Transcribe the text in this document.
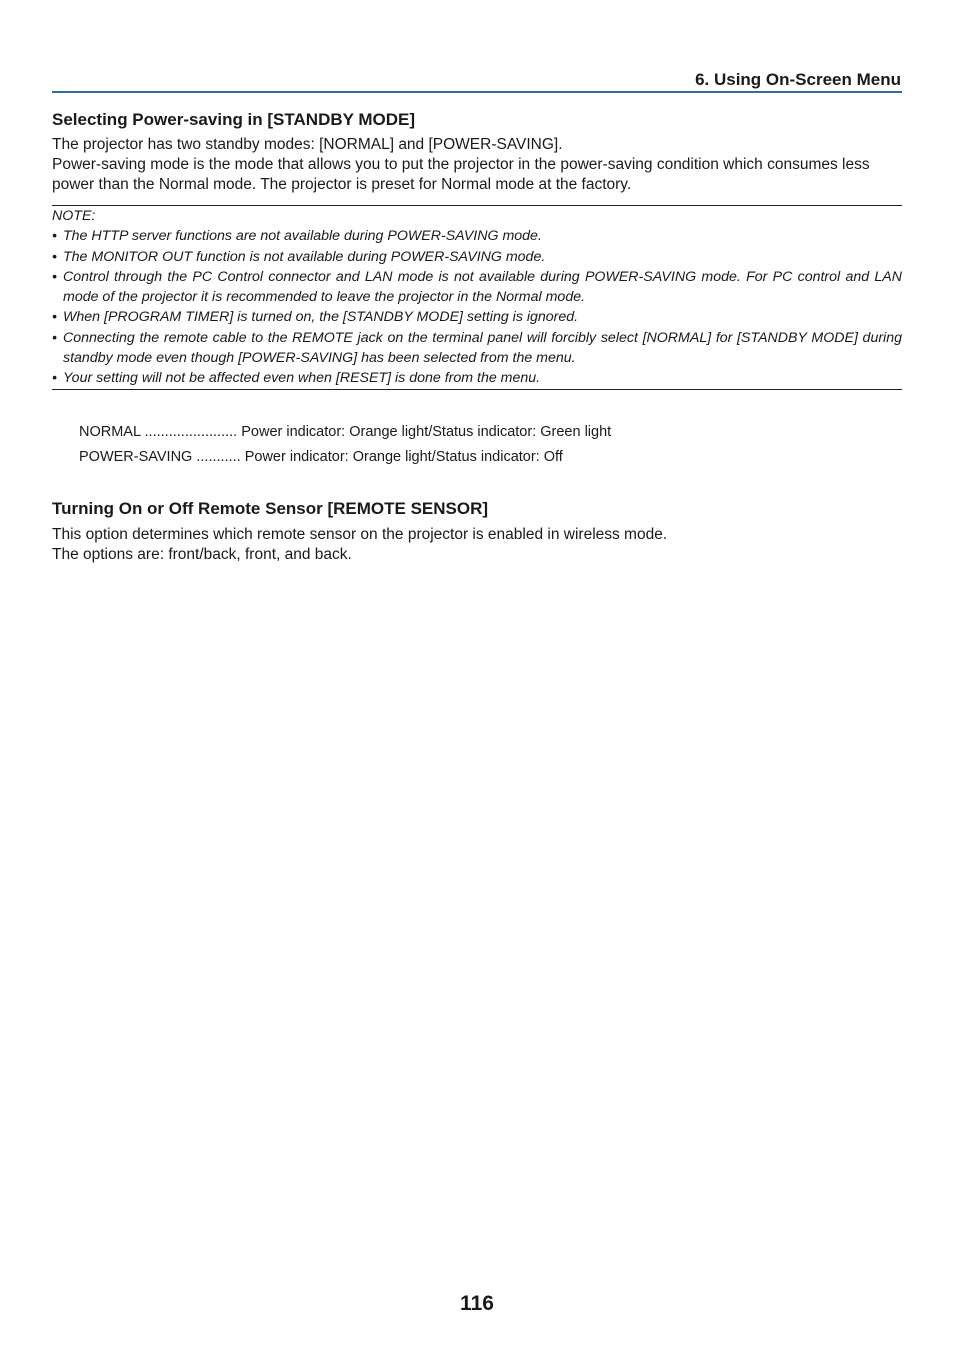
6. Using On-Screen Menu
Selecting Power-saving in [STANDBY MODE]

The projector has two standby modes: [NORMAL] and [POWER-SAVING].

Power-saving mode is the mode that allows you to put the projector in the power-saving condition which consumes less power than the Normal mode. The projector is preset for Normal mode at the factory.

NOTE:

• The HTTP server functions are not available during POWER-SAVING mode.
• The MONITOR OUT function is not available during POWER-SAVING mode.
• Control through the PC Control connector and LAN mode is not available during POWER-SAVING mode. For PC control and LAN mode of the projector it is recommended to leave the projector in the Normal mode.
• When [PROGRAM TIMER] is turned on, the [STANDBY MODE] setting is ignored.
• Connecting the remote cable to the REMOTE jack on the terminal panel will forcibly select [NORMAL] for [STANDBY MODE] during standby mode even though [POWER-SAVING] has been selected from the menu.
• Your setting will not be affected even when [RESET] is done from the menu.
NORMAL ....................... Power indicator: Orange light/Status indicator: Green light
POWER-SAVING ........... Power indicator: Orange light/Status indicator: Off
Turning On or Off Remote Sensor [REMOTE SENSOR]

This option determines which remote sensor on the projector is enabled in wireless mode.

The options are: front/back, front, and back.

116
